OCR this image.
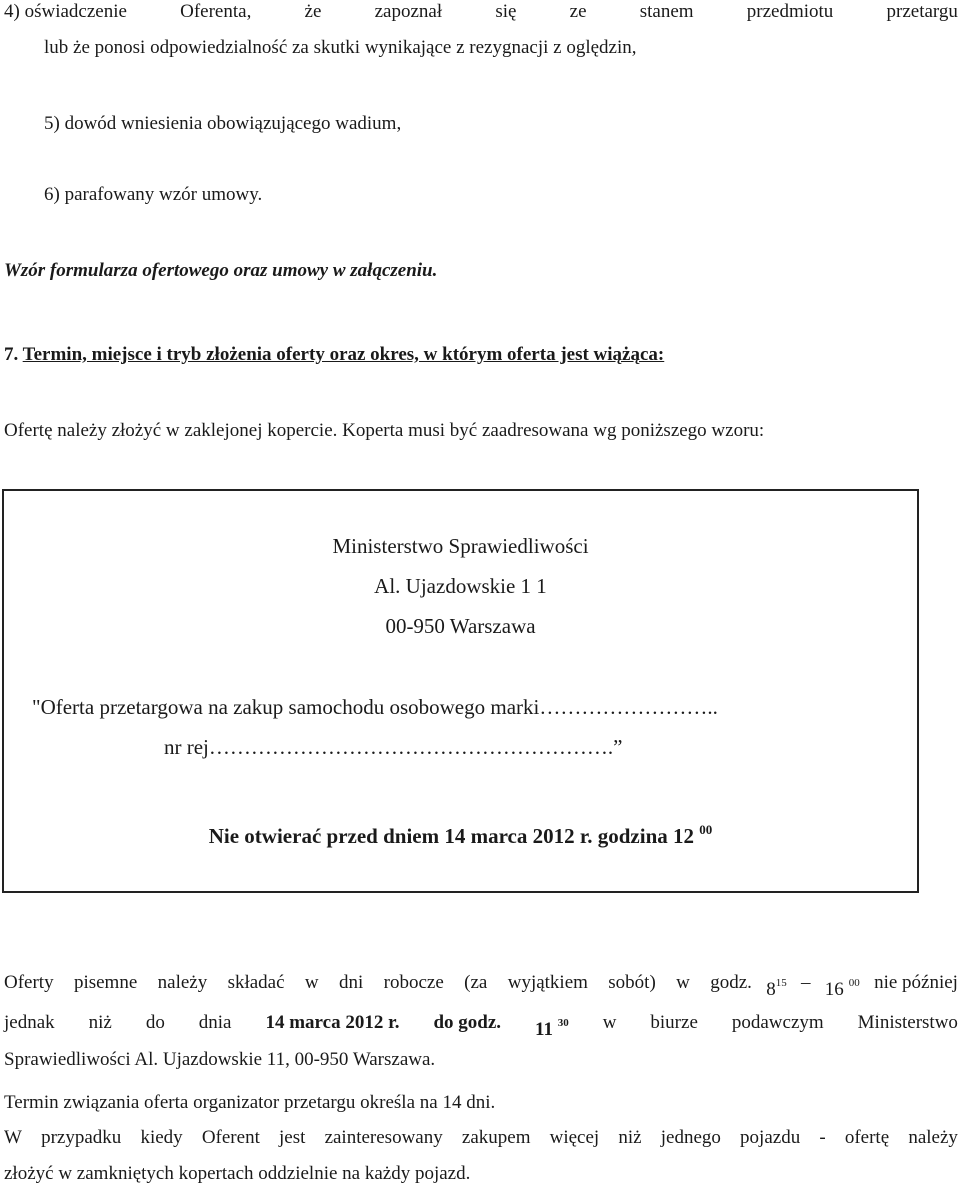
4) oświadczenie	Oferenta,	że	zapoznał	się	ze	stanem	przedmiotu	przetargu
lub że ponosi odpowiedzialność za skutki wynikające z rezygnacji z oględzin,
5) dowód wniesienia obowiązującego wadium,
6) parafowany wzór umowy.
Wzór formularza ofertowego oraz umowy w załączeniu.
7. Termin, miejsce i tryb złożenia oferty oraz okres, w którym oferta jest wiążąca:
Ofertę należy złożyć w zaklejonej kopercie. Koperta musi być zaadresowana wg poniższego wzoru:
Ministerstwo Sprawiedliwości
Al. Ujazdowskie 1 1
00-950 Warszawa
"Oferta przetargowa na zakup samochodu osobowego marki……………………..
nr rej………………………………………………….”
Nie otwierać przed dniem 14 marca 2012 r. godzina 12 $^{00}$
Oferty pisemne należy składać w dni robocze (za wyjątkiem sobót) w godz. $8^{15} - 16$ $^{00}$ nie później
jednak niż do dnia 14 marca 2012 r. do godz. 11 $^{30}$ w biurze podawczym Ministerstwo
Sprawiedliwości Al. Ujazdowskie 11, 00-950 Warszawa.
Termin związania oferta organizator przetargu określa na 14 dni.
W przypadku kiedy Oferent jest zainteresowany zakupem więcej niż jednego pojazdu - ofertę należy
złożyć w zamkniętych kopertach oddzielnie na każdy pojazd.
